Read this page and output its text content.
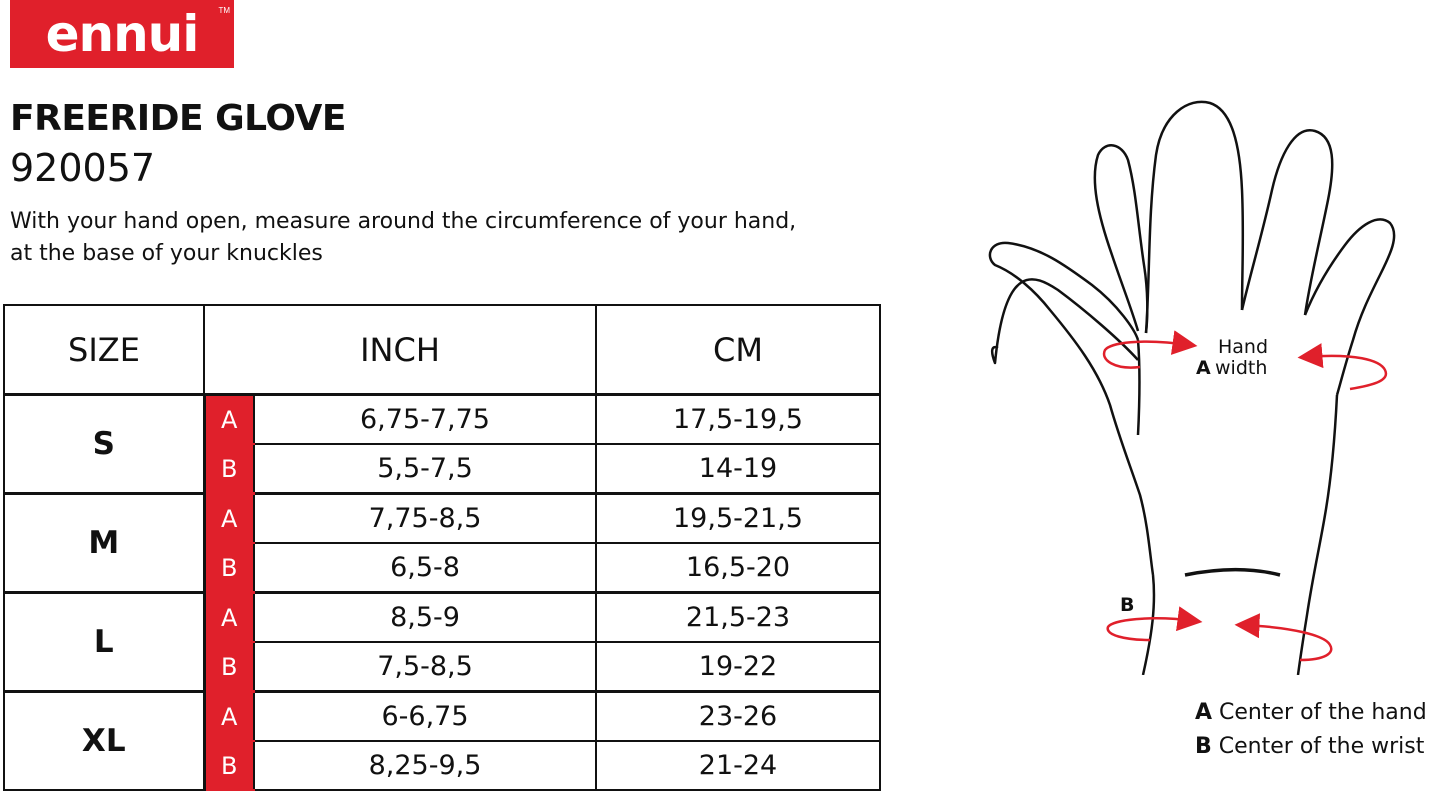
ennui	TM
FREERIDE GLOVE
920057

With your hand open, measure around the circumference of your hand, at the base of your knuckles

SIZE	INCH		CM
S	A	6,75-7,75	17,5-19,5
	B	5,5-7,5	14-19
M	A	7,75-8,5	19,5-21,5
	B	6,5-8	16,5-20
L	A	8,5-9	21,5-23
	B	7,5-8,5	19-22
XL	A	6-6,75	23-26
	B	8,25-9,5	21-24
Hand
A width
B
A Center of the hand
B Center of the wrist
